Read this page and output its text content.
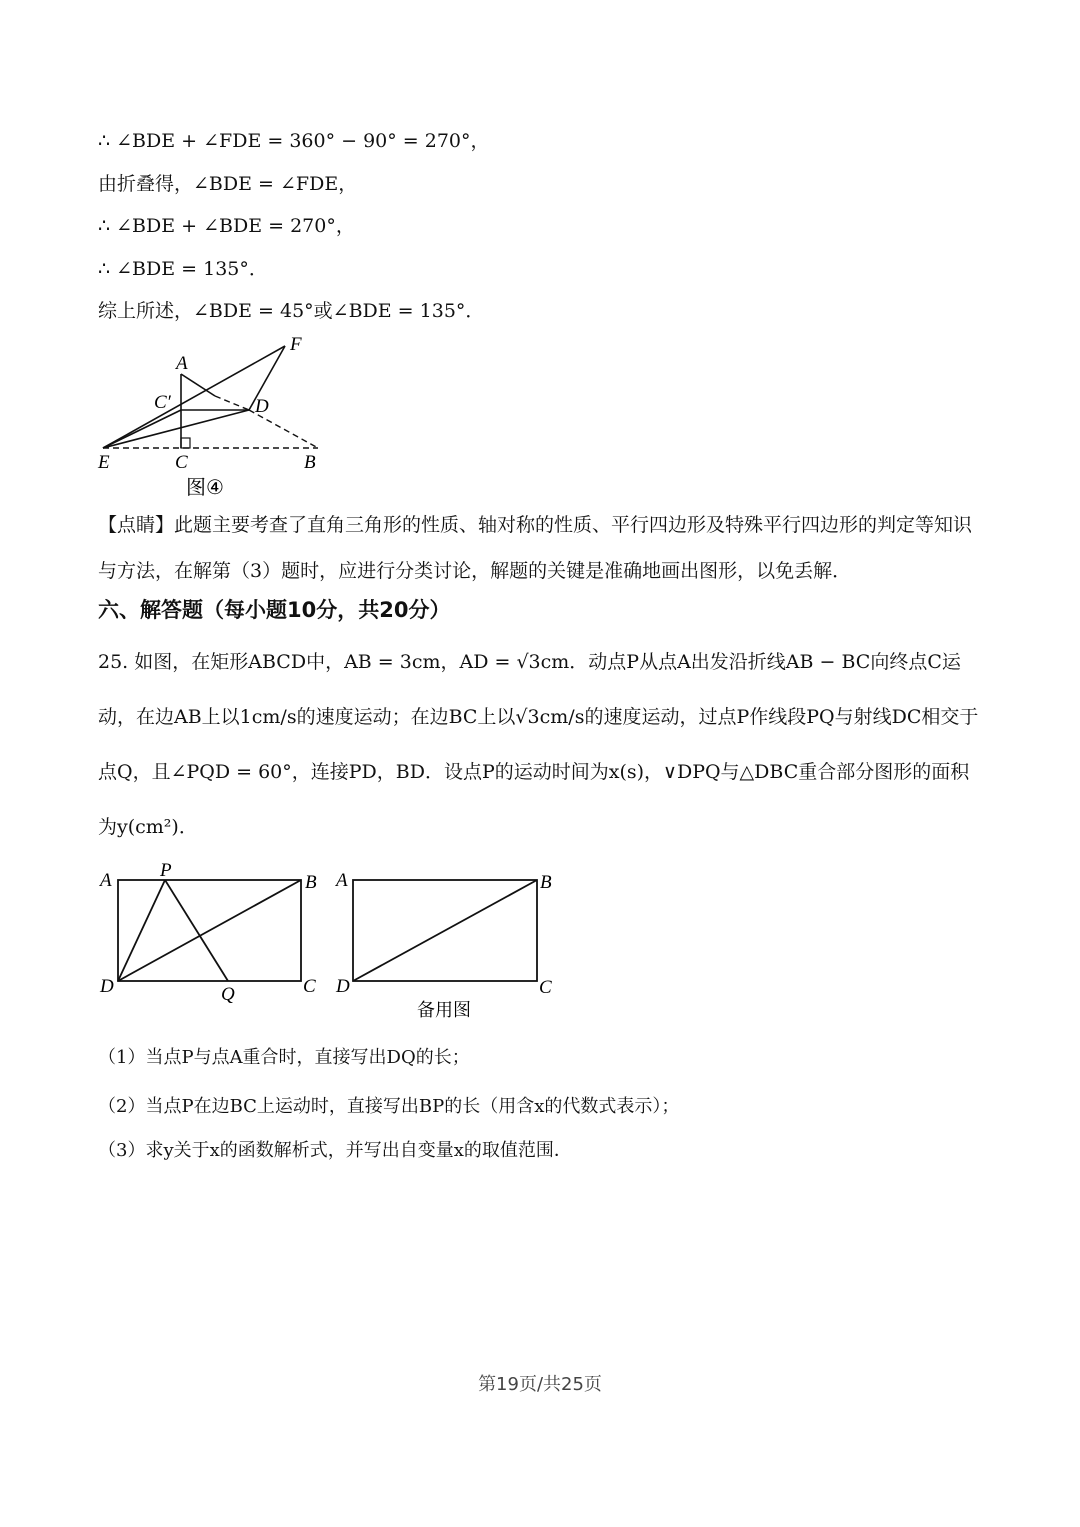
∴ ∠BDE + ∠FDE = 360° − 90° = 270°，
由折叠得，∠BDE = ∠FDE，
∴ ∠BDE + ∠BDE = 270°，
∴ ∠BDE = 135°．
综上所述，∠BDE = 45°或∠BDE = 135°．
A
F
C′	D
E	C	B
图④
【点睛】此题主要考查了直角三角形的性质、轴对称的性质、平行四边形及特殊平行四边形的判定等知识与方法，在解第（3）题时，应进行分类讨论，解题的关键是准确地画出图形，以免丢解．
六、解答题（每小题10分，共20分）
25. 如图，在矩形ABCD中，AB = 3cm，AD = √3cm．动点P从点A出发沿折线AB − BC向终点C运动，在边AB上以1cm/s的速度运动；在边BC上以√3cm/s的速度运动，过点P作线段PQ与射线DC相交于点Q，且∠PQD = 60°，连接PD，BD．设点P的运动时间为x(s)，∨DPQ与△DBC重合部分图形的面积为y(cm²)．
A	P
B
D	Q	C
A	B
D	C
备用图
（1）当点P与点A重合时，直接写出DQ的长；
（2）当点P在边BC上运动时，直接写出BP的长（用含x的代数式表示）；
（3）求y关于x的函数解析式，并写出自变量x的取值范围．
第19页/共25页
